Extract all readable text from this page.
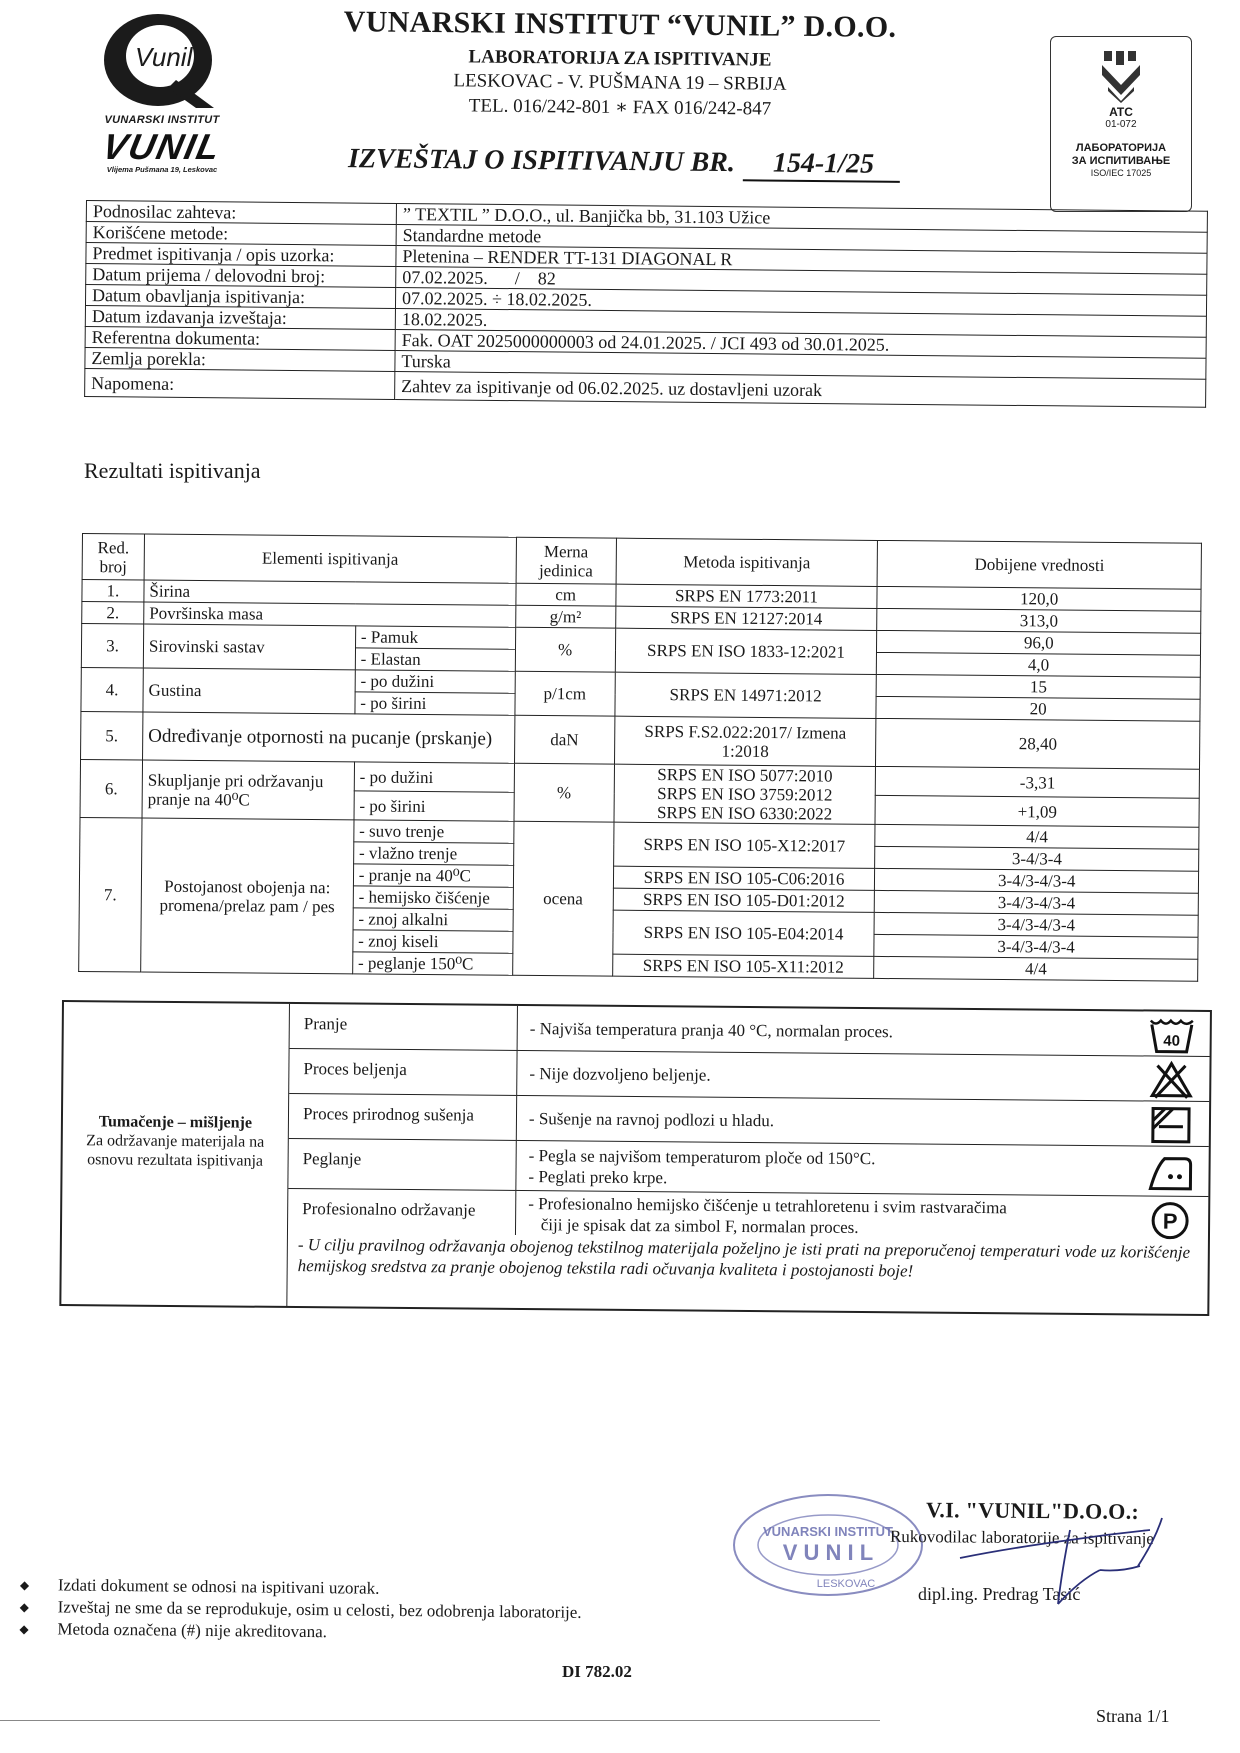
Vunil
VUNARSKI INSTITUT
VUNIL
Vlijema Pušmana 19, Leskovac
VUNARSKI INSTITUT “VUNIL” D.O.O.
LABORATORIJA ZA ISPITIVANJE
LESKOVAC - V. PUŠMANA 19 – SRBIJA
TEL. 016/242-801 ∗ FAX 016/242-847
IZVEŠTAJ O ISPITIVANJU BR. 154-1/25
ATC
01-072
ЛАБОРАТОРИЈА
ЗА ИСПИТИВАЊЕ
ISO/IEC 17025
Podnosilac zahteva:	” TEXTIL ” D.O.O., ul. Banjička bb, 31.103 Užice
Korišćene metode:	Standardne metode
Predmet ispitivanja / opis uzorka:	Pletenina – RENDER TT-131 DIAGONAL R
Datum prijema / delovodni broj:	07.02.2025.      /    82
Datum obavljanja ispitivanja:	07.02.2025. ÷ 18.02.2025.
Datum izdavanja izveštaja:	18.02.2025.
Referentna dokumenta:	Fak. OAT 2025000000003 od 24.01.2025. / JCI 493 od 30.01.2025.
Zemlja porekla:	Turska
Napomena:	Zahtev za ispitivanje od 06.02.2025. uz dostavljeni uzorak
Rezultati ispitivanja
Red. broj	Elementi ispitivanja		Merna jedinica	Metoda ispitivanja	Dobijene vrednosti
1.	Širina		cm	SRPS EN 1773:2011	120,0
2.	Površinska masa		g/m²	SRPS EN 12127:2014	313,0
3.	Sirovinski sastav	- Pamuk	%	SRPS EN ISO 1833-12:2021	96,0
		- Elastan			4,0
4.	Gustina	- po dužini	p/1cm	SRPS EN 14971:2012	15
		- po širini			20
5.	Određivanje otpornosti na pucanje (prskanje)		daN	SRPS F.S2.022:2017/ Izmena 1:2018	28,40
6.	Skupljanje pri održavanju pranje na 40⁰C	- po dužini	%	SRPS EN ISO 5077:2010
SRPS EN ISO 3759:2012
SRPS EN ISO 6330:2022	-3,31
		- po širini			+1,09
7.	Postojanost obojenja na: promena/prelaz pam / pes	- suvo trenje	ocena	SRPS EN ISO 105-X12:2017	4/4
		- vlažno trenje			3-4/3-4
		- pranje na 40⁰C		SRPS EN ISO 105-C06:2016	3-4/3-4/3-4
		- hemijsko čišćenje		SRPS EN ISO 105-D01:2012	3-4/3-4/3-4
		- znoj alkalni		SRPS EN ISO 105-E04:2014	3-4/3-4/3-4
		- znoj kiseli			3-4/3-4/3-4
		- peglanje 150⁰C		SRPS EN ISO 105-X11:2012	4/4
Tumačenje – mišljenje
Za održavanje materijala na osnovu rezultata ispitivanja
Pranje	- Najviša temperatura pranja 40 °C, normalan proces.	40
Proces beljenja	- Nije dozvoljeno beljenje.
Proces prirodnog sušenja	- Sušenje na ravnoj podlozi u hladu.
Peglanje	- Pegla se najvišom temperaturom ploče od 150°C.
- Peglati preko krpe.
Profesionalno održavanje	- Profesionalno hemijsko čišćenje u tetrahloretenu i svim rastvaračima
čiji je spisak dat za simbol F, normalan proces.	P
- U cilju pravilnog održavanja obojenog tekstilnog materijala poželjno je isti prati na preporučenoj temperaturi vode uz korišćenje hemijskog sredstva za pranje obojenog tekstila radi očuvanja kvaliteta i postojanosti boje!
VUNARSKI INSTITUT
V U N I L
LESKOVAC
V.I. "VUNIL"D.O.O.:
Rukovodilac laboratorije za ispitivanje
dipl.ing. Predrag Tasić
◆ Izdati dokument se odnosi na ispitivani uzorak.
◆ Izveštaj ne sme da se reprodukuje, osim u celosti, bez odobrenja laboratorije.
◆ Metoda označena (#) nije akreditovana.
DI 782.02
Strana 1/1
